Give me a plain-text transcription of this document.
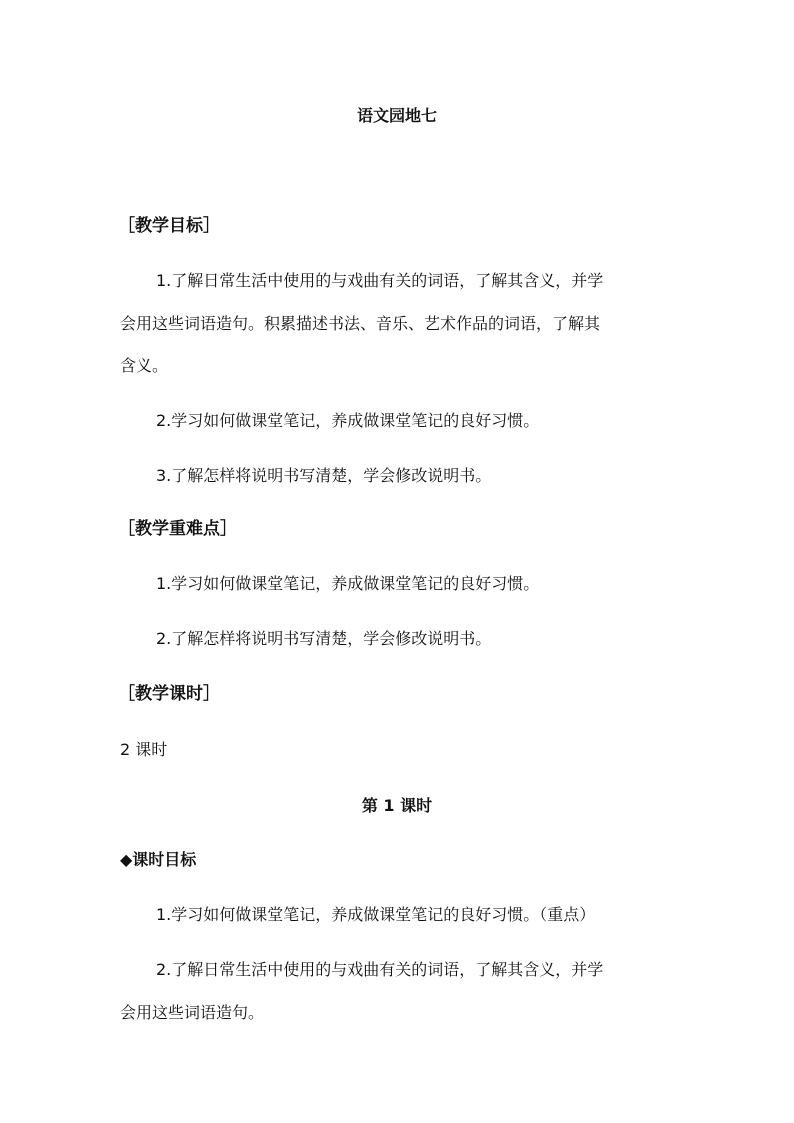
语文园地七
［教学目标］
1.了解日常生活中使用的与戏曲有关的词语，了解其含义，并学
会用这些词语造句。积累描述书法、音乐、艺术作品的词语，了解其
含义。
2.学习如何做课堂笔记，养成做课堂笔记的良好习惯。
3.了解怎样将说明书写清楚，学会修改说明书。
［教学重难点］
1.学习如何做课堂笔记，养成做课堂笔记的良好习惯。
2.了解怎样将说明书写清楚，学会修改说明书。
［教学课时］
2 课时
第 1 课时
◆课时目标
1.学习如何做课堂笔记，养成做课堂笔记的良好习惯。（重点）
2.了解日常生活中使用的与戏曲有关的词语，了解其含义，并学
会用这些词语造句。
